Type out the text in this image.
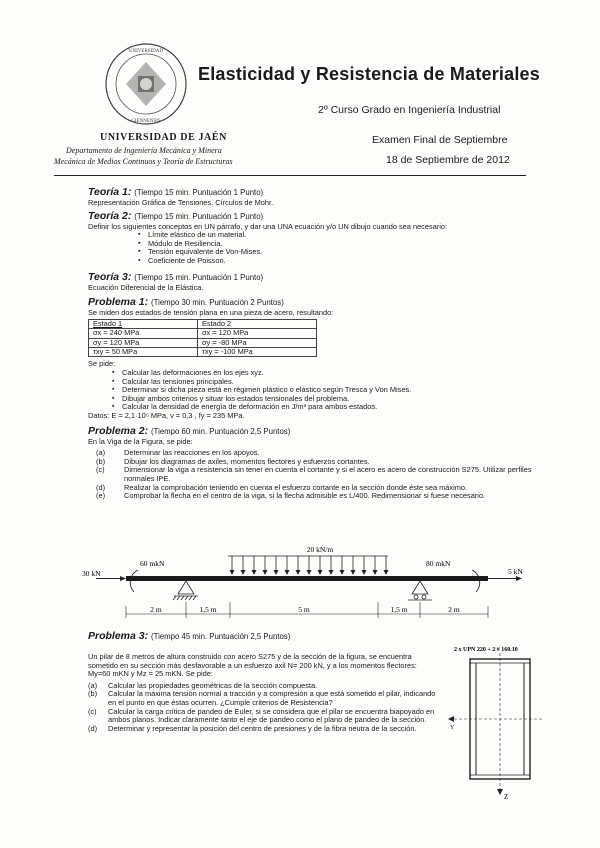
UNIVERSIDAD
GIENNENSIS
Elasticidad y Resistencia de Materiales
2º Curso Grado en Ingeniería Industrial
Examen Final de Septiembre
18 de Septiembre de 2012
UNIVERSIDAD DE JAÉN
Departamento de Ingeniería Mecánica y Minera
Mecánica de Medios Continuos y Teoría de Estructuras
Teoría 1: (Tiempo 15 min. Puntuación 1 Punto)
Representación Gráfica de Tensiones. Círculos de Mohr.
Teoría 2: (Tiempo 15 min. Puntuación 1 Punto)
Definir los siguientes conceptos en UN párrafo, y dar una UNA ecuación y/o UN dibujo cuando sea necesario:
▪ Límite elástico de un material.
▪ Módulo de Resiliencia.
▪ Tensión equivalente de Von-Mises.
▪ Coeficiente de Poisson.
Teoría 3: (Tiempo 15 min. Puntuación 1 Punto)
Ecuación Diferencial de la Elástica.
Problema 1: (Tiempo 30 min. Puntuación 2 Puntos)
Se miden dos estados de tensión plana en una pieza de acero, resultando:
Estado 1	Estado 2
σx = 240 MPa	σx = 120 MPa
σy = 120 MPa	σy = -80 MPa
τxy = 50 MPa	τxy = -100 MPa
Se pide:
▪ Calcular las deformaciones en los ejes xyz.
▪ Calcular las tensiones principales.
▪ Determinar si dicha pieza está en régimen plástico o elástico según Tresca y Von Mises.
▪ Dibujar ambos criterios y situar los estados tensionales del problema.
▪ Calcular la densidad de energía de deformación en J/m³ para ambos estados.
Datos: E = 2,1·10⁵ MPa, ν = 0,3 , fy = 235 MPa.
Problema 2: (Tiempo 60 min. Puntuación 2,5 Puntos)
En la Viga de la Figura, se pide:
(a)	Determinar las reacciones en los apoyos.
(b)	Dibujar los diagramas de axiles, momentos flectores y esfuerzos cortantes.
(c)	Dimensionar la viga a resistencia sin tener en cuenta el cortante y si el acero es acero de construcción S275. Utilizar perfiles normales IPE.
(d)	Realizar la comprobación teniendo en cuenta el esfuerzo cortante en la sección donde éste sea máximo.
(e)	Comprobar la flecha en el centro de la viga, si la flecha admisible es L/400. Redimensionar si fuese necesario.
20 kN/m
30 kN
60 mkN	80 mkN
5 kN
2 m	1,5 m	5 m	1,5 m	2 m
Problema 3: (Tiempo 45 min. Puntuación 2,5 Puntos)
Un pilar de 8 metros de altura construido con acero S275 y de la sección de la figura, se encuentra sometido en su sección más desfavorable a un esfuerzo axil N= 200 kN, y a los momentos flectores: My=60 mKN y Mz = 25 mKN. Se pide:
(a)	Calcular las propiedades geométricas de la sección compuesta.
(b)	Calcular la máxima tensión normal a tracción y a compresión a que está sometido el pilar, indicando en el punto en que éstas ocurren. ¿Cumple criterios de Resistencia?
(c)	Calcular la carga crítica de pandeo de Euler, si se considera que el pilar se encuentra biapoyado en ambos planos. Indicar claramente tanto el eje de pandeo como el plano de pandeo de la sección.
(d)	Determinar y representar la posición del centro de presiones y de la fibra neutra de la sección.
2 x UPN 220 + 2 # 160.10
Y
Z
